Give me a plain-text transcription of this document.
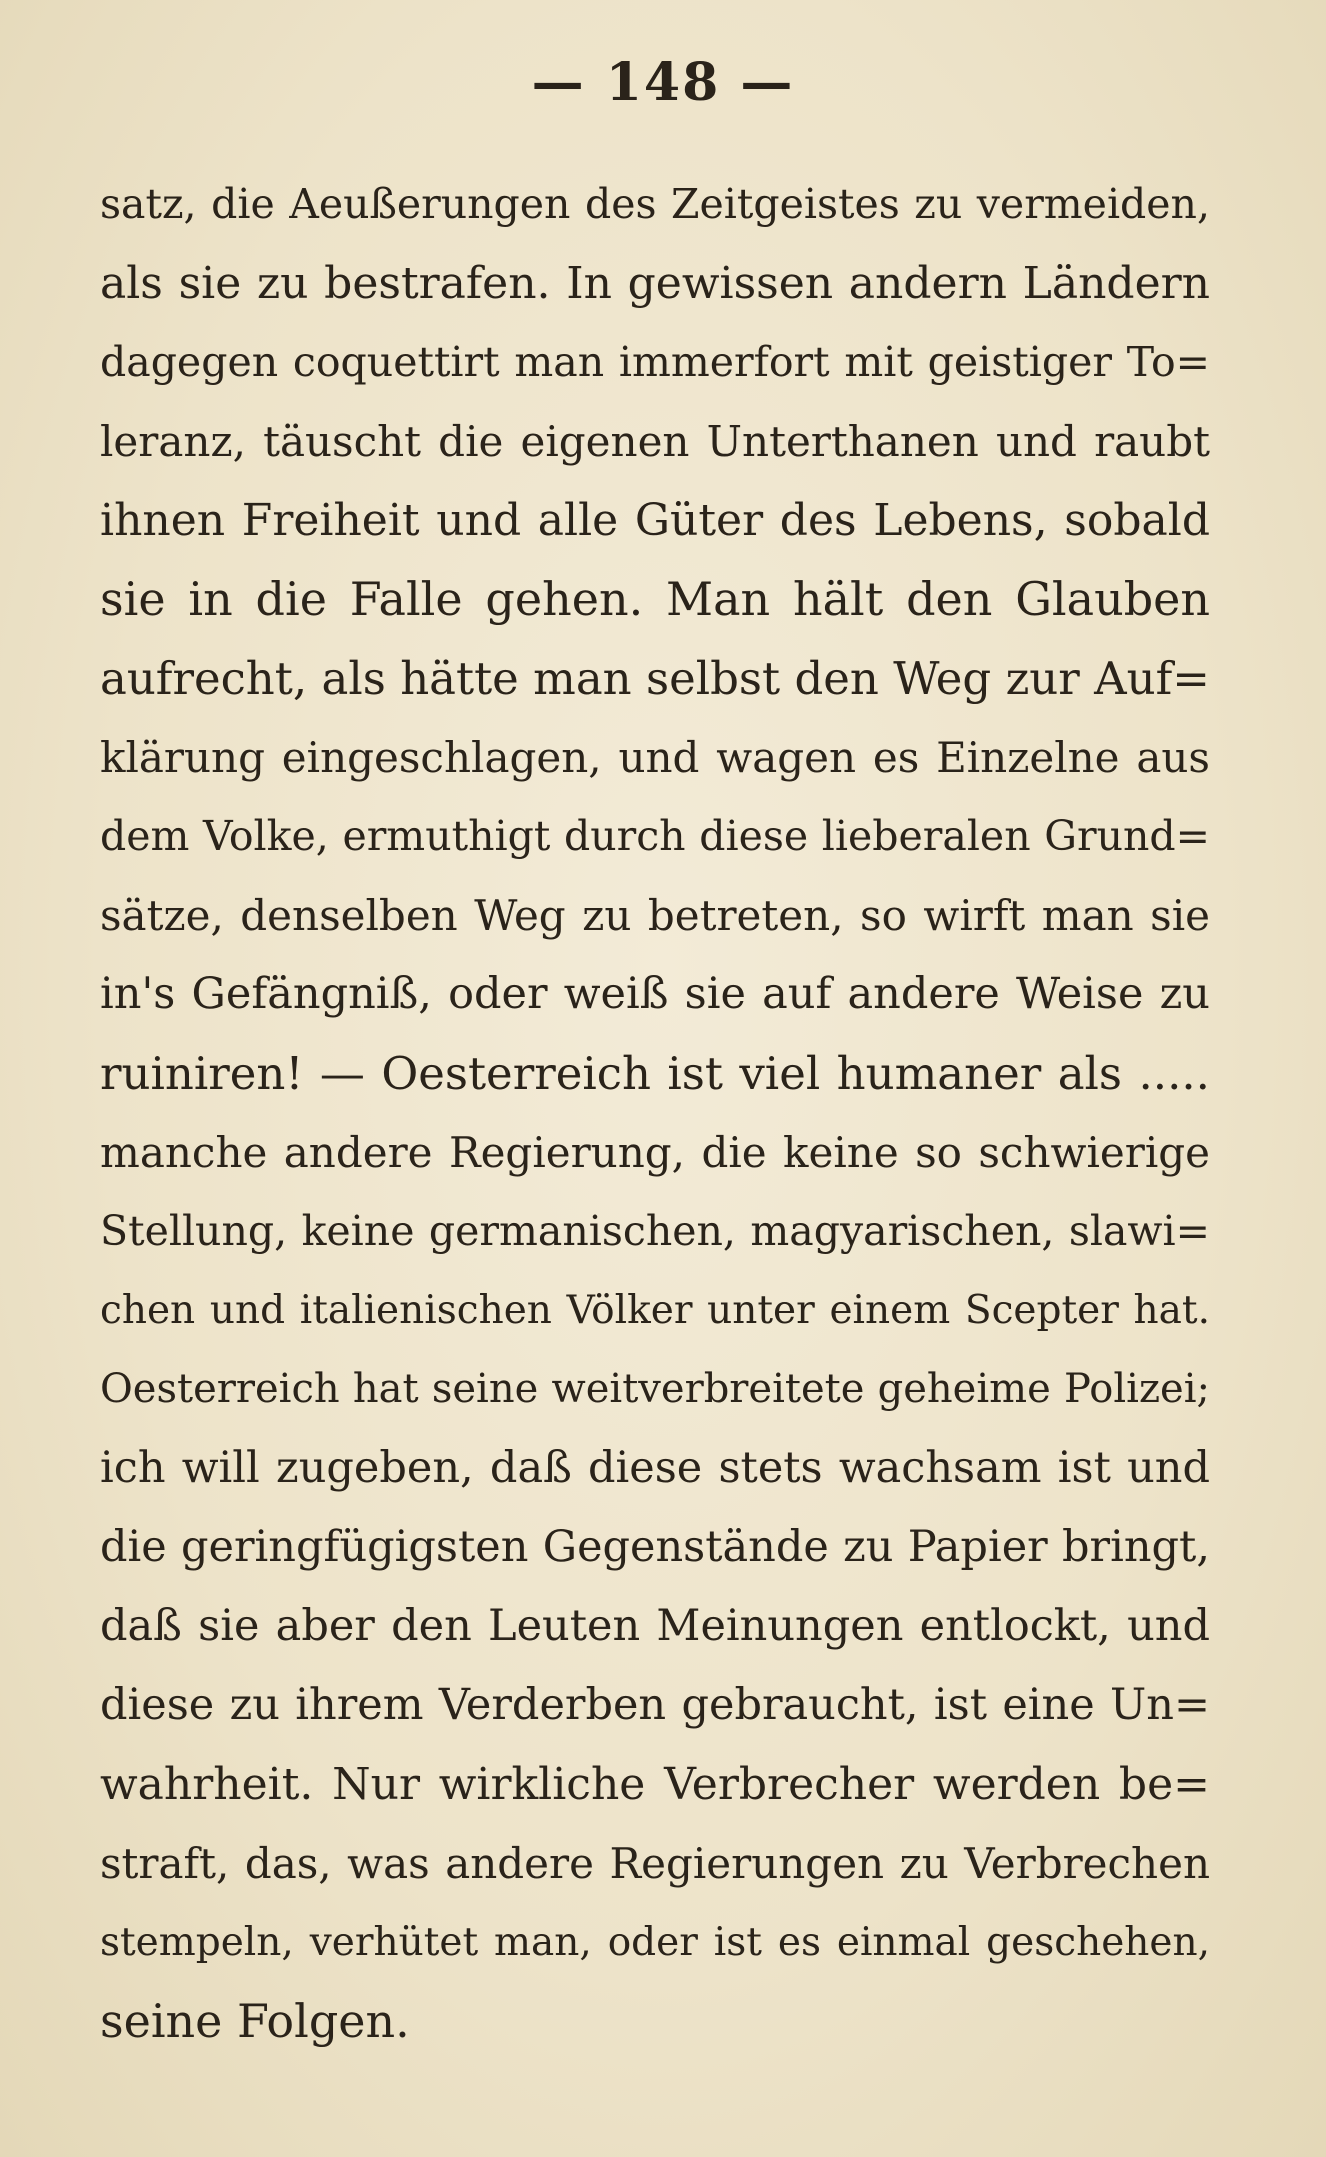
— 148 —

satz, die Aeußerungen des Zeitgeistes zu vermeiden,
als sie zu bestrafen. In gewissen andern Ländern
dagegen coquettirt man immerfort mit geistiger To=
leranz, täuscht die eigenen Unterthanen und raubt
ihnen Freiheit und alle Güter des Lebens, sobald
sie in die Falle gehen. Man hält den Glauben
aufrecht, als hätte man selbst den Weg zur Auf=
klärung eingeschlagen, und wagen es Einzelne aus
dem Volke, ermuthigt durch diese lieberalen Grund=
sätze, denselben Weg zu betreten, so wirft man sie
in's Gefängniß, oder weiß sie auf andere Weise zu
ruiniren! — Oesterreich ist viel humaner als .....
manche andere Regierung, die keine so schwierige
Stellung, keine germanischen, magyarischen, slawi=
chen und italienischen Völker unter einem Scepter hat.
Oesterreich hat seine weitverbreitete geheime Polizei;
ich will zugeben, daß diese stets wachsam ist und
die geringfügigsten Gegenstände zu Papier bringt,
daß sie aber den Leuten Meinungen entlockt, und
diese zu ihrem Verderben gebraucht, ist eine Un=
wahrheit. Nur wirkliche Verbrecher werden be=
straft, das, was andere Regierungen zu Verbrechen
stempeln, verhütet man, oder ist es einmal geschehen,
seine Folgen.
